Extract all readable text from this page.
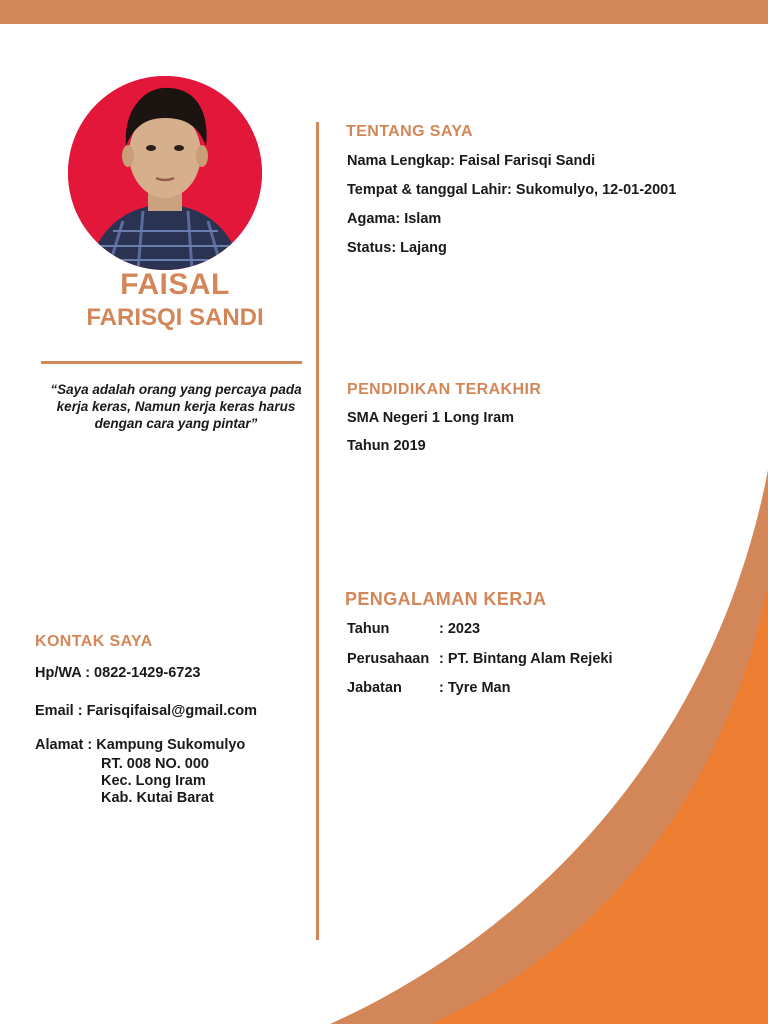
FAISAL
FARISQI SANDI
“Saya adalah orang yang percaya pada kerja keras, Namun kerja keras harus dengan cara yang pintar”
TENTANG SAYA
Nama Lengkap: Faisal Farisqi Sandi
Tempat & tanggal Lahir: Sukomulyo, 12-01-2001
Agama: Islam
Status: Lajang
PENDIDIKAN TERAKHIR
SMA Negeri 1 Long Iram
Tahun 2019
PENGALAMAN KERJA
Tahun	: 2023
Perusahaan : PT. Bintang Alam Rejeki
Jabatan	: Tyre Man
KONTAK SAYA
Hp/WA : 0822-1429-6723
Email : Farisqifaisal@gmail.com
Alamat : Kampung Sukomulyo
RT. 008 NO. 000
Kec. Long Iram
Kab. Kutai Barat
